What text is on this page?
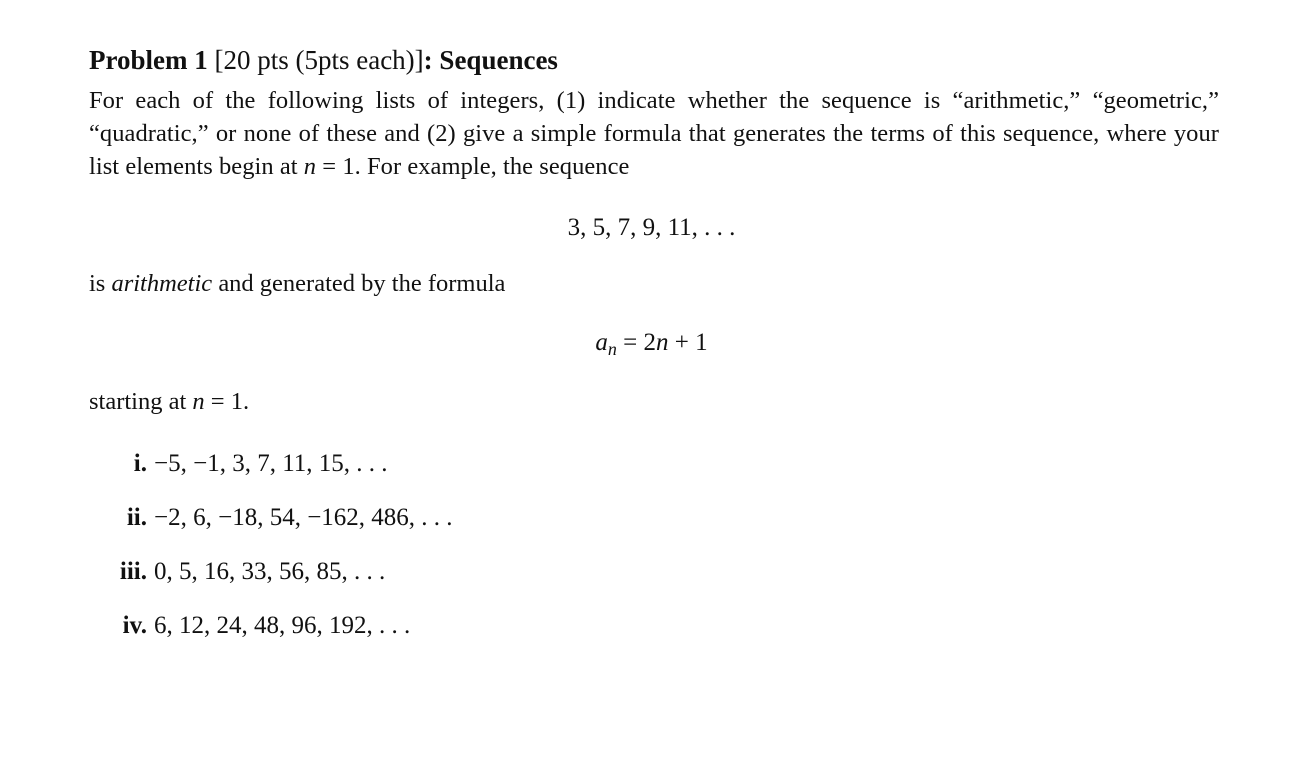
Problem 1 [20 pts (5pts each)]: Sequences

For each of the following lists of integers, (1) indicate whether the sequence is “arithmetic,” “geometric,” “quadratic,” or none of these and (2) give a simple formula that generates the terms of this sequence, where your list elements begin at n = 1. For example, the sequence

3, 5, 7, 9, 11, . . .
is arithmetic and generated by the formula
$a_n = 2n + 1$
starting at n = 1.
i. −5, −1, 3, 7, 11, 15, . . .
ii. −2, 6, −18, 54, −162, 486, . . .
iii. 0, 5, 16, 33, 56, 85, . . .
iv. 6, 12, 24, 48, 96, 192, . . .
